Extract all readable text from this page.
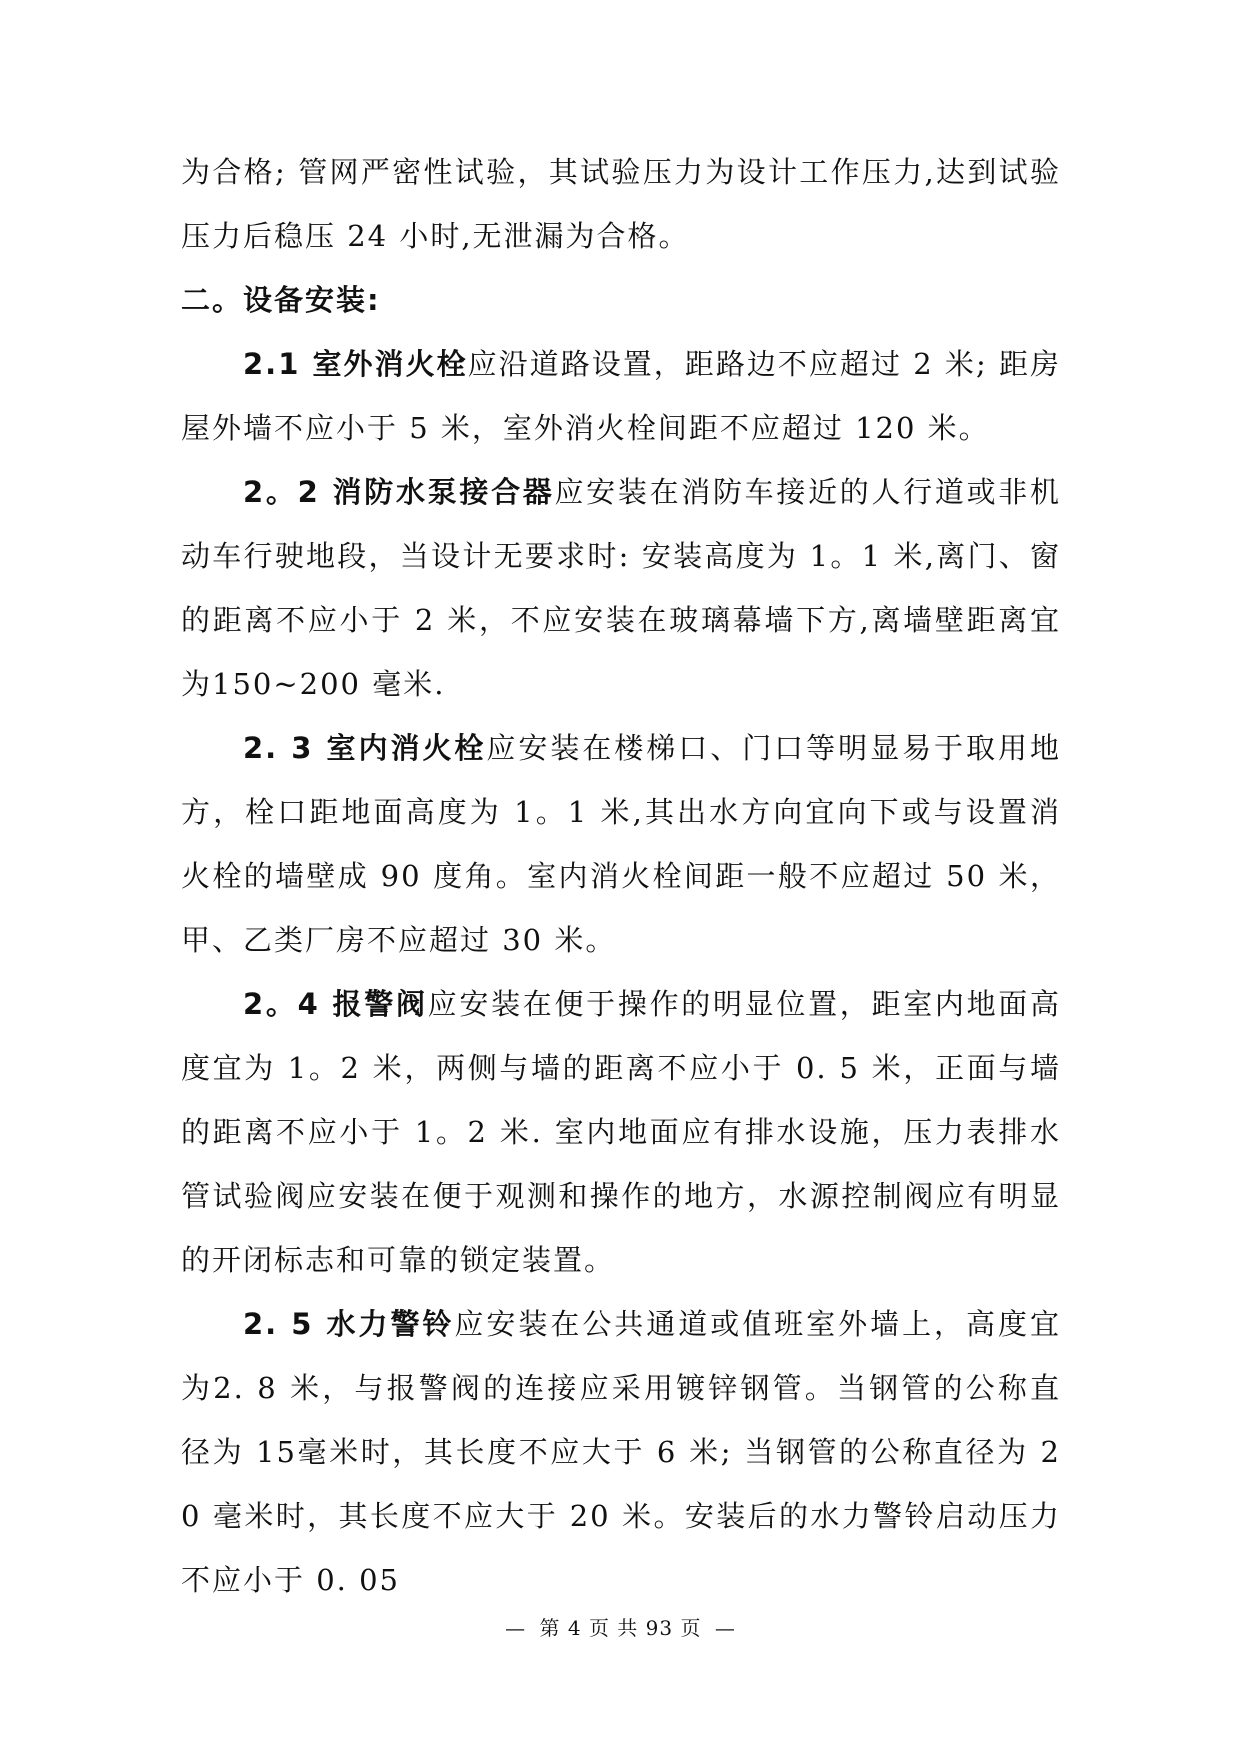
为合格; 管网严密性试验，其试验压力为设计工作压力,达到试验压力后稳压 24 小时,无泄漏为合格。

二。设备安装:

2.1 室外消火栓应沿道路设置，距路边不应超过 2 米; 距房屋外墙不应小于 5 米，室外消火栓间距不应超过 120 米。

2。2 消防水泵接合器应安装在消防车接近的人行道或非机动车行驶地段，当设计无要求时: 安装高度为 1。1 米,离门、窗的距离不应小于 2 米，不应安装在玻璃幕墙下方,离墙壁距离宜为150~200 毫米.

2. 3 室内消火栓应安装在楼梯口、门口等明显易于取用地方，栓口距地面高度为 1。1 米,其出水方向宜向下或与设置消火栓的墙壁成 90 度角。室内消火栓间距一般不应超过 50 米，甲、乙类厂房不应超过 30 米。

2。4 报警阀应安装在便于操作的明显位置，距室内地面高度宜为 1。2 米，两侧与墙的距离不应小于 0. 5 米，正面与墙的距离不应小于 1。2 米. 室内地面应有排水设施，压力表排水管试验阀应安装在便于观测和操作的地方，水源控制阀应有明显的开闭标志和可靠的锁定装置。

2. 5 水力警铃应安装在公共通道或值班室外墙上，高度宜为2. 8 米，与报警阀的连接应采用镀锌钢管。当钢管的公称直径为 15毫米时，其长度不应大于 6 米; 当钢管的公称直径为 20 毫米时，其长度不应大于 20 米。安装后的水力警铃启动压力不应小于 0. 05

— 第 4 页 共 93 页 —
